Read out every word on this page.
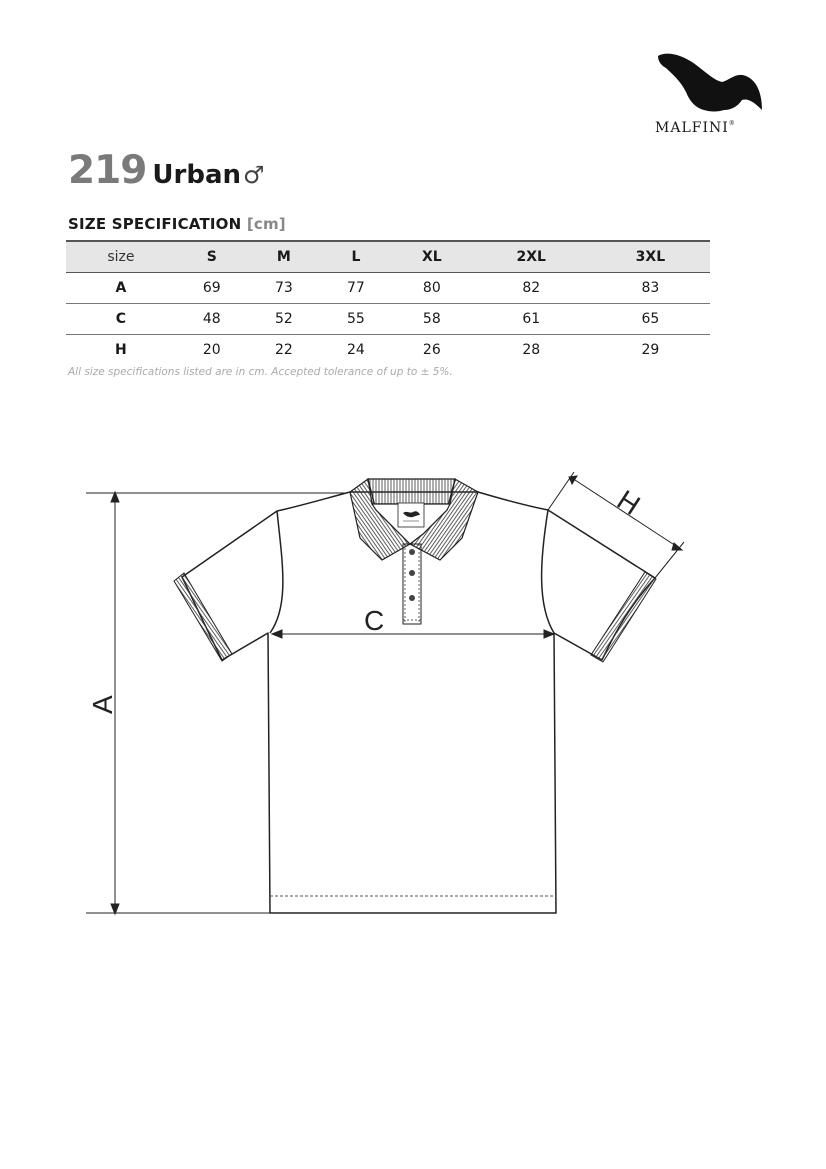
MALFINI®
219 Urban♂
SIZE SPECIFICATION [cm]
size	S	M	L	XL	2XL	3XL
A	69	73	77	80	82	83
C	48	52	55	58	61	65
H	20	22	24	26	28	29
All size specifications listed are in cm. Accepted tolerance of up to ± 5%.
A
C
H
